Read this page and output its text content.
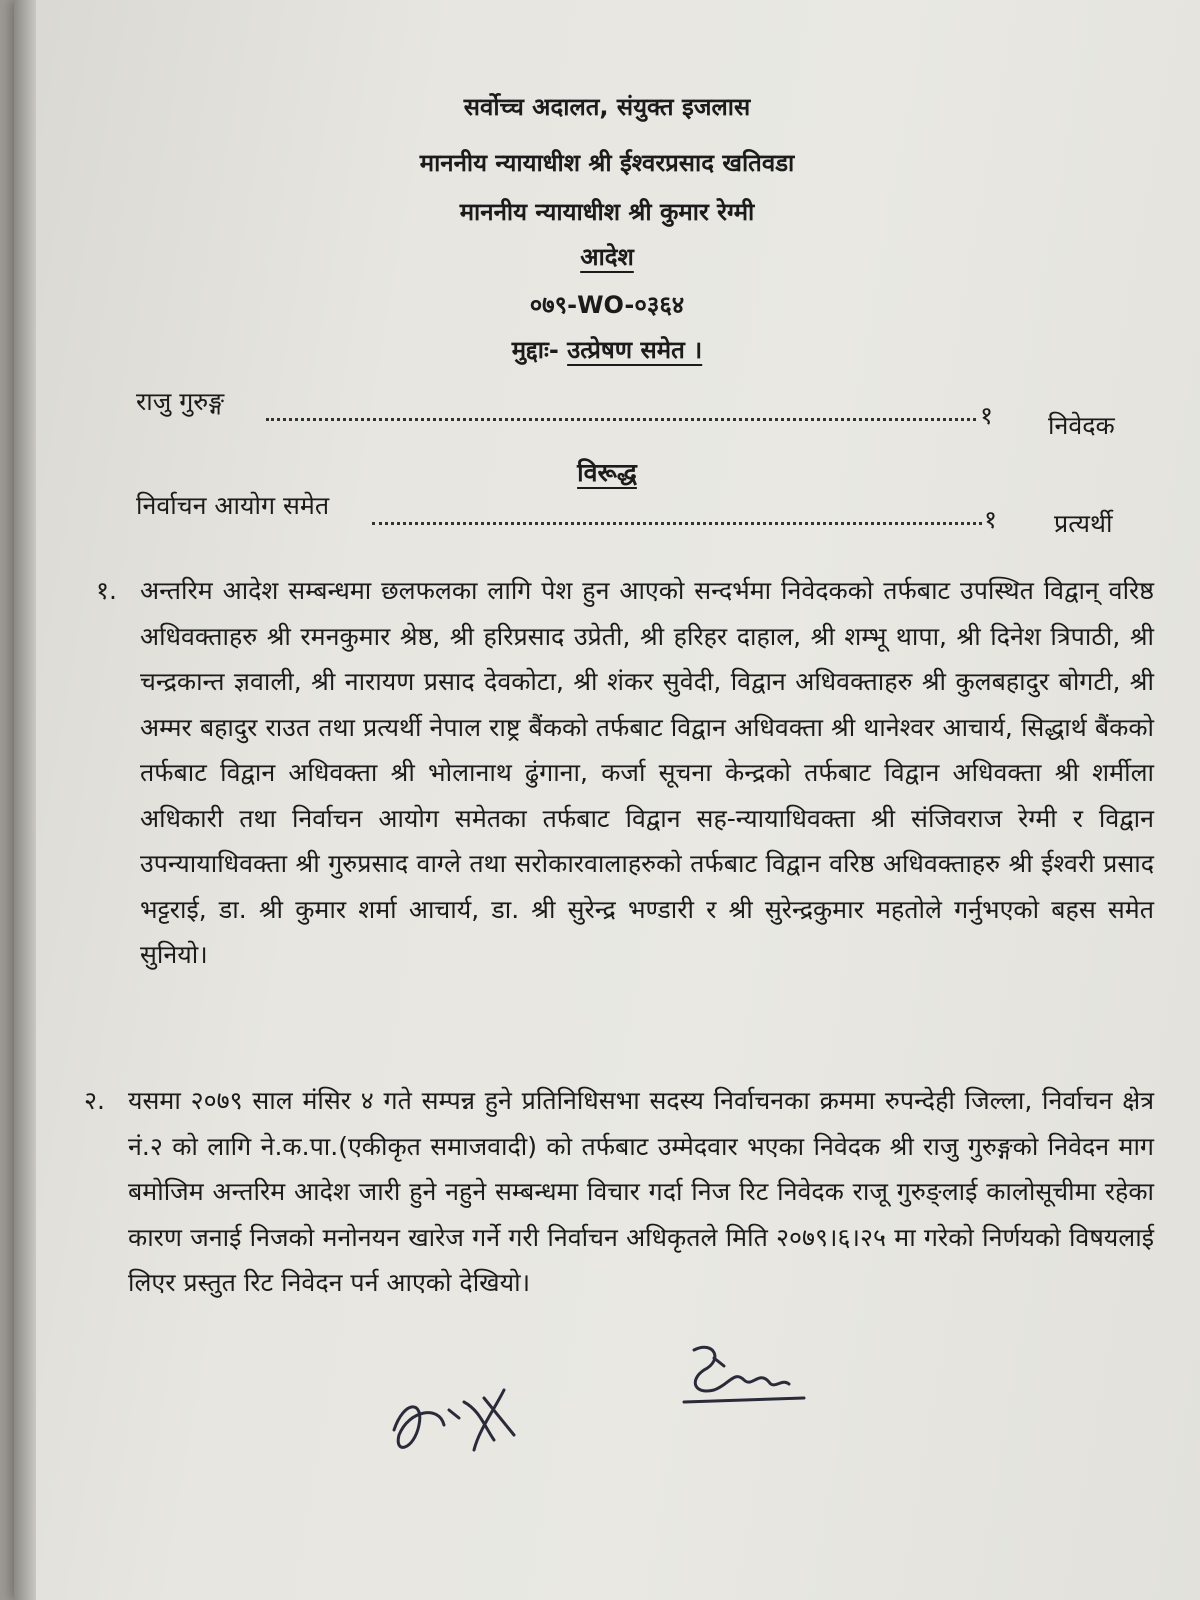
सर्वोच्च अदालत, संयुक्त इजलास
माननीय न्यायाधीश श्री ईश्वरप्रसाद खतिवडा
माननीय न्यायाधीश श्री कुमार रेग्मी
आदेश
०७९-WO-०३६४
मुद्दाः- उत्प्रेषण समेत ।
राजु गुरुङ्ग	१ निवेदक
विरूद्ध
निर्वाचन आयोग समेत	१ प्रत्यर्थी
१. अन्तरिम आदेश सम्बन्धमा छलफलका लागि पेश हुन आएको सन्दर्भमा निवेदकको तर्फबाट उपस्थित विद्वान् वरिष्ठ अधिवक्ताहरु श्री रमनकुमार श्रेष्ठ, श्री हरिप्रसाद उप्रेती, श्री हरिहर दाहाल, श्री शम्भू थापा, श्री दिनेश त्रिपाठी, श्री चन्द्रकान्त ज्ञवाली, श्री नारायण प्रसाद देवकोटा, श्री शंकर सुवेदी, विद्वान अधिवक्ताहरु श्री कुलबहादुर बोगटी, श्री अम्मर बहादुर राउत तथा प्रत्यर्थी नेपाल राष्ट्र बैंकको तर्फबाट विद्वान अधिवक्ता श्री थानेश्वर आचार्य, सिद्धार्थ बैंकको तर्फबाट विद्वान अधिवक्ता श्री भोलानाथ ढुंगाना, कर्जा सूचना केन्द्रको तर्फबाट विद्वान अधिवक्ता श्री शर्मीला अधिकारी तथा निर्वाचन आयोग समेतका तर्फबाट विद्वान सह-न्यायाधिवक्ता श्री संजिवराज रेग्मी र विद्वान उपन्यायाधिवक्ता श्री गुरुप्रसाद वाग्ले तथा सरोकारवालाहरुको तर्फबाट विद्वान वरिष्ठ अधिवक्ताहरु श्री ईश्वरी प्रसाद भट्टराई, डा. श्री कुमार शर्मा आचार्य, डा. श्री सुरेन्द्र भण्डारी र श्री सुरेन्द्रकुमार महतोले गर्नुभएको बहस समेत सुनियो।
२. यसमा २०७९ साल मंसिर ४ गते सम्पन्न हुने प्रतिनिधिसभा सदस्य निर्वाचनका क्रममा रुपन्देही जिल्ला, निर्वाचन क्षेत्र नं.२ को लागि ने.क.पा.(एकीकृत समाजवादी) को तर्फबाट उम्मेदवार भएका निवेदक श्री राजु गुरुङ्गको निवेदन माग बमोजिम अन्तरिम आदेश जारी हुने नहुने सम्बन्धमा विचार गर्दा निज रिट निवेदक राजू गुरुङ्लाई कालोसूचीमा रहेका कारण जनाई निजको मनोनयन खारेज गर्ने गरी निर्वाचन अधिकृतले मिति २०७९।६।२५ मा गरेको निर्णयको विषयलाई लिएर प्रस्तुत रिट निवेदन पर्न आएको देखियो।
